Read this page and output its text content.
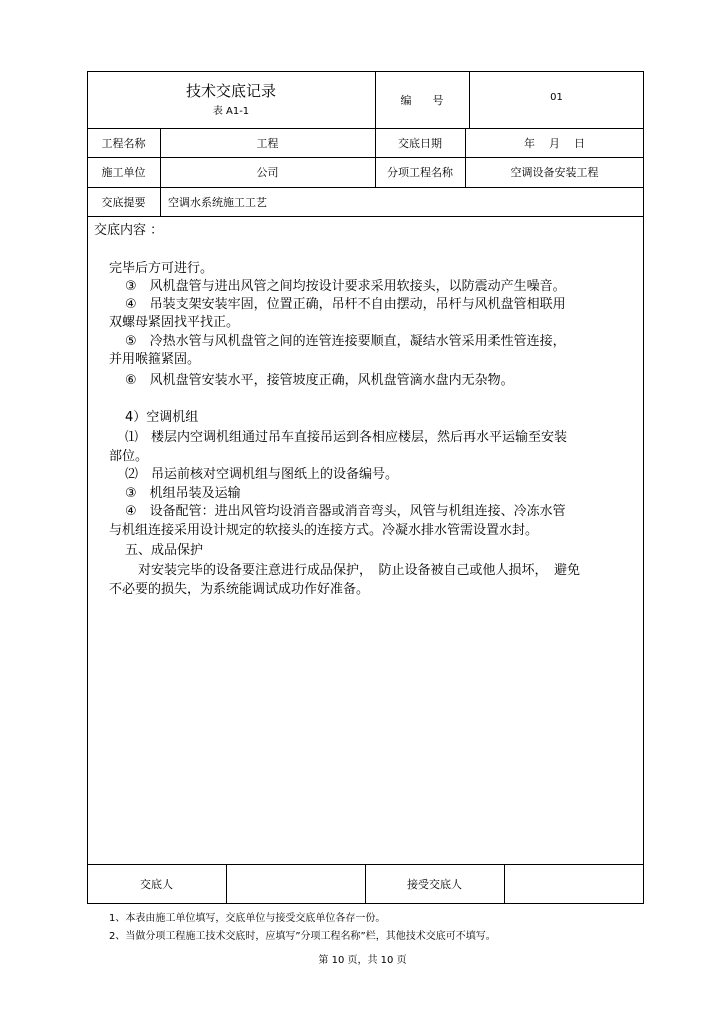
技术交底记录
表 A1-1
编      号	01
工程名称	工程	交底日期	年    月    日
施工单位	公司	分项工程名称	空调设备安装工程
交底提要	空调水系统施工工艺
交底内容 ：
完毕后方可进行。
③　风机盘管与进出风管之间均按设计要求采用软接头，以防震动产生噪音。
④　吊装支架安装牢固，位置正确，吊杆不自由摆动，吊杆与风机盘管相联用
双螺母紧固找平找正。
⑤　冷热水管与风机盘管之间的连管连接要顺直，凝结水管采用柔性管连接，
并用喉箍紧固。
⑥　风机盘管安装水平，接管坡度正确，风机盘管滴水盘内无杂物。
4）空调机组
⑴　楼层内空调机组通过吊车直接吊运到各相应楼层，然后再水平运输至安装
部位。
⑵　吊运前核对空调机组与图纸上的设备编号。
③　机组吊装及运输
④　设备配管：进出风管均设消音器或消音弯头，风管与机组连接、冷冻水管
与机组连接采用设计规定的软接头的连接方式。冷凝水排水管需设置水封。
五、成品保护
对安装完毕的设备要注意进行成品保护，　防止设备被自己或他人损坏，　避免
不必要的损失，为系统能调试成功作好准备。
交底人	接受交底人
1、本表由施工单位填写，交底单位与接受交底单位各存一份。
2、当做分项工程施工技术交底时，应填写”分项工程名称”栏，其他技术交底可不填写。
第 10 页，共 10 页
